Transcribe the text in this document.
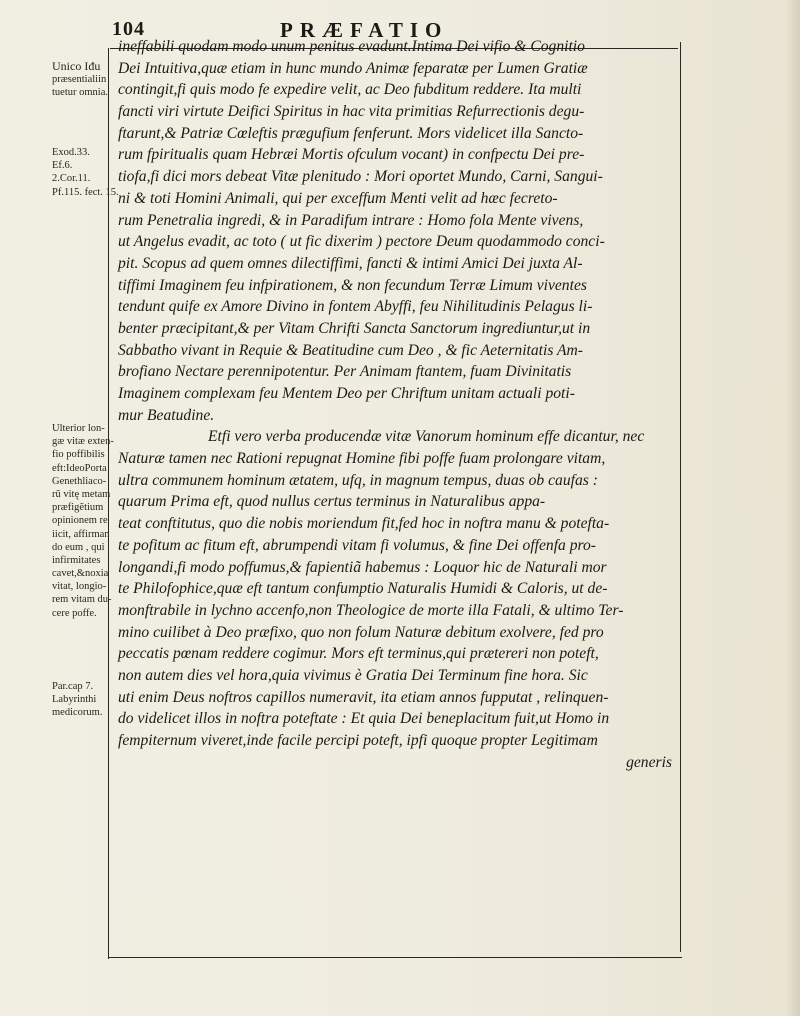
104	PRÆFATIO
Unico Iđu
præsentialiin
tuetur omnia.
Exod.33.
Ef.6.
2.Cor.11.
Pf.115. fect. 15.
Ulterior lon-
gæ vitæ exten-
fio poffibilis
eft:IdeoPorta
Genethliaco-
rũ vitę metam
præfigẽtium
opinionem re
iicit, affirman
do eum , qui
infirmitates
cavet,&noxia
vitat, longio-
rem vitam du-
cere poffe.
Par.cap 7.
Labyrinthi
medicorum.
ineffabili quodam modo unum penitus evadunt.Intima Dei vifio & Cognitio
Dei Intuitiva,quæ etiam in hunc mundo Animæ feparatæ per Lumen Gratiæ
contingit,fi quis modo fe expedire velit, ac Deo fubditum reddere. Ita multi
fancti viri virtute Deifici Spiritus in hac vita primitias Refurrectionis degu-
ftarunt,& Patriæ Cœleftis prægufium fenferunt. Mors videlicet illa Sancto-
rum fpiritualis quam Hebræi Mortis ofculum vocant) in confpectu Dei pre-
tiofa,fi dici mors debeat Vitæ plenitudo : Mori oportet Mundo, Carni, Sangui-
ni & toti Homini Animali, qui per exceffum Menti velit ad hæc fecreto-
rum Penetralia ingredi, & in Paradifum intrare : Homo fola Mente vivens,
ut Angelus evadit, ac toto ( ut fic dixerim ) pectore Deum quodammodo conci-
pit. Scopus ad quem omnes dilectiffimi, fancti & intimi Amici Dei juxta Al-
tiffimi Imaginem feu infpirationem, & non fecundum Terræ Limum viventes
tendunt quife ex Amore Divino in fontem Abyffi, feu Nihilitudinis Pelagus li-
benter præcipitant,& per Vitam Chrifti Sancta Sanctorum ingrediuntur,ut in
Sabbatho vivant in Requie & Beatitudine cum Deo , & fic Aeternitatis Am-
brofiano Nectare perennipotentur. Per Animam ftantem, fuam Divinitatis
Imaginem complexam feu Mentem Deo per Chriftum unitam actuali poti-
mur Beatudine.
Etfi vero verba producendæ vitæ Vanorum hominum effe dicantur, nec
Naturæ tamen nec Rationi repugnat Homine fibi poffe fuam prolongare vitam,
ultra communem hominum ætatem, ufq, in magnum tempus, duas ob caufas :
quarum Prima eft, quod nullus certus terminus in Naturalibus appa-
teat conftitutus, quo die nobis moriendum fit,fed hoc in noftra manu & poteftа-
te pofitum ac fitum eft, abrumpendi vitam fi volumus, & fine Dei offenfa pro-
longandi,fi modo poffumus,& fapientiã habemus : Loquor hic de Naturali mor
te Philofophice,quæ eft tantum confumptio Naturalis Humidi & Caloris, ut de-
monftrabile in lychno accenfo,non Theologice de morte illa Fatali, & ultimo Ter-
mino cuilibet à Deo præfixo, quo non folum Naturæ debitum exolvere, fed pro
peccatis pœnam reddere cogimur. Mors eft terminus,qui prætereri non poteft,
non autem dies vel hora,quia vivimus è Gratia Dei Terminum fine hora. Sic
uti enim Deus noftros capillos numeravit, ita etiam annos fupputat , relinquen-
do videlicet illos in noftra poteftate : Et quia Dei beneplacitum fuit,ut Homo in
fempiternum viveret,inde facile percipi poteft, ipfi quoque propter Legitimam
generis
